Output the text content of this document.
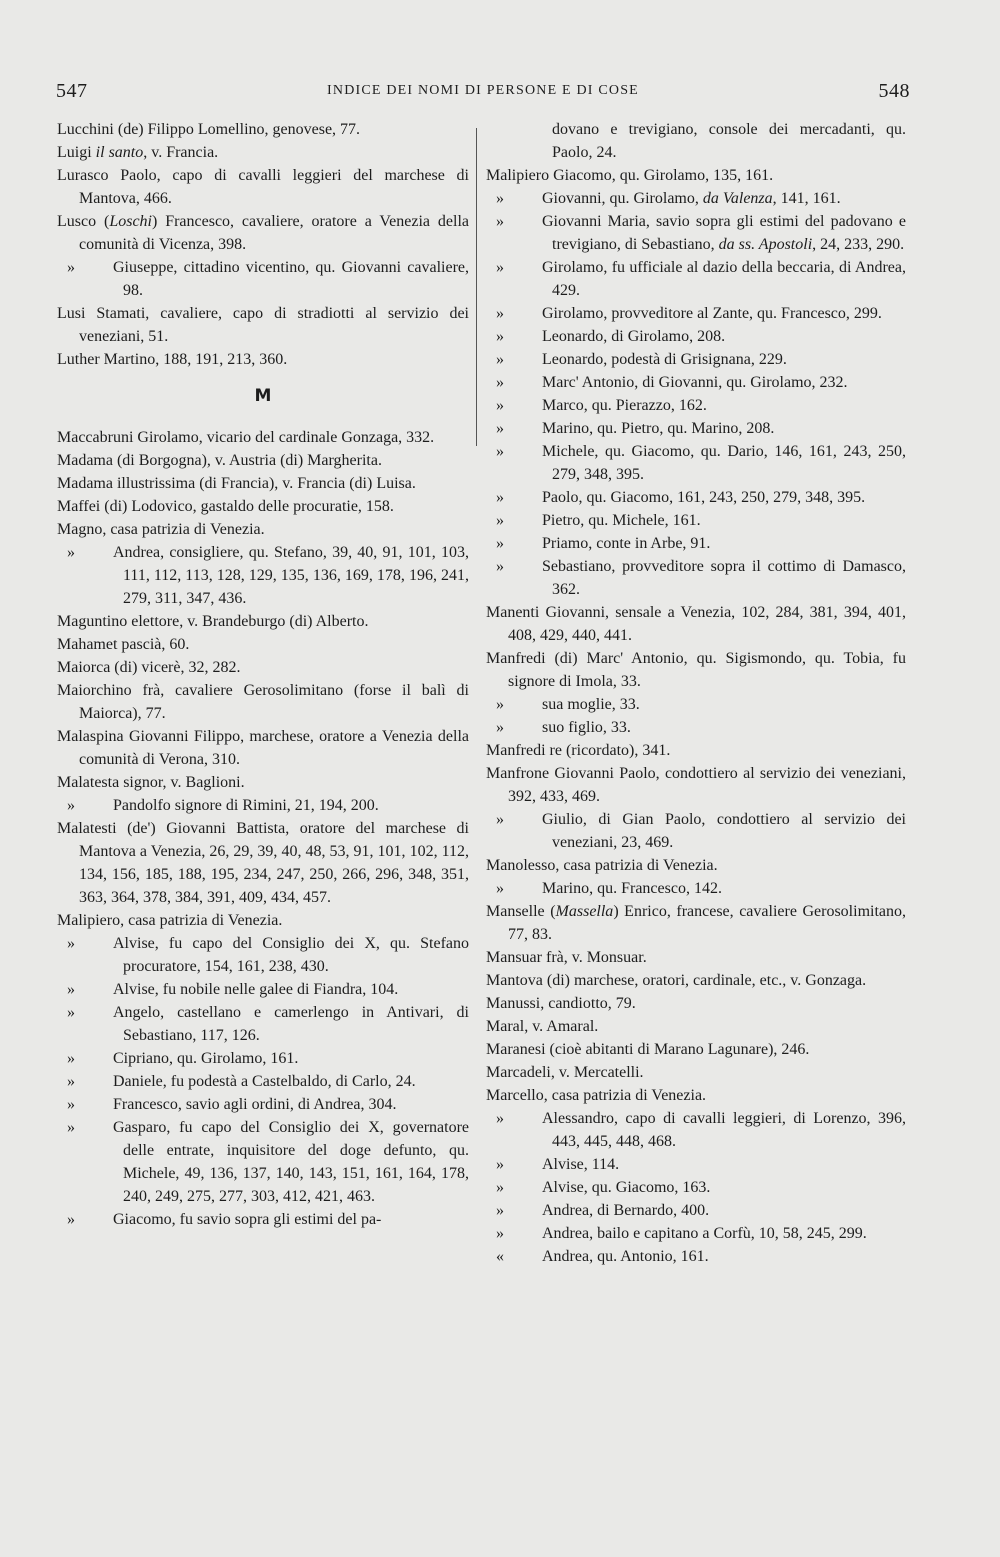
547	INDICE DEI NOMI DI PERSONE E DI COSE	548

Lucchini (de) Filippo Lomellino, genovese, 77.

Luigi il santo, v. Francia.

Lurasco Paolo, capo di cavalli leggieri del marchese di Mantova, 466.

Lusco (Loschi) Francesco, cavaliere, oratore a Venezia della comunità di Vicenza, 398.

» Giuseppe, cittadino vicentino, qu. Giovanni cavaliere, 98.

Lusi Stamati, cavaliere, capo di stradiotti al servizio dei veneziani, 51.

Luther Martino, 188, 191, 213, 360.

M

Maccabruni Girolamo, vicario del cardinale Gonzaga, 332.

Madama (di Borgogna), v. Austria (di) Margherita.

Madama illustrissima (di Francia), v. Francia (di) Luisa.

Maffei (di) Lodovico, gastaldo delle procuratie, 158.

Magno, casa patrizia di Venezia.

» Andrea, consigliere, qu. Stefano, 39, 40, 91, 101, 103, 111, 112, 113, 128, 129, 135, 136, 169, 178, 196, 241, 279, 311, 347, 436.

Maguntino elettore, v. Brandeburgo (di) Alberto.

Mahamet pascià, 60.

Maiorca (di) vicerè, 32, 282.

Maiorchino frà, cavaliere Gerosolimitano (forse il balì di Maiorca), 77.

Malaspina Giovanni Filippo, marchese, oratore a Venezia della comunità di Verona, 310.

Malatesta signor, v. Baglioni.

» Pandolfo signore di Rimini, 21, 194, 200.

Malatesti (de') Giovanni Battista, oratore del marchese di Mantova a Venezia, 26, 29, 39, 40, 48, 53, 91, 101, 102, 112, 134, 156, 185, 188, 195, 234, 247, 250, 266, 296, 348, 351, 363, 364, 378, 384, 391, 409, 434, 457.

Malipiero, casa patrizia di Venezia.

» Alvise, fu capo del Consiglio dei X, qu. Stefano procuratore, 154, 161, 238, 430.

» Alvise, fu nobile nelle galee di Fiandra, 104.

» Angelo, castellano e camerlengo in Antivari, di Sebastiano, 117, 126.

» Cipriano, qu. Girolamo, 161.

» Daniele, fu podestà a Castelbaldo, di Carlo, 24.

» Francesco, savio agli ordini, di Andrea, 304.

» Gasparo, fu capo del Consiglio dei X, governatore delle entrate, inquisitore del doge defunto, qu. Michele, 49, 136, 137, 140, 143, 151, 161, 164, 178, 240, 249, 275, 277, 303, 412, 421, 463.

» Giacomo, fu savio sopra gli estimi del pa-

dovano e trevigiano, console dei mercadanti, qu. Paolo, 24.

Malipiero Giacomo, qu. Girolamo, 135, 161.

» Giovanni, qu. Girolamo, da Valenza, 141, 161.

» Giovanni Maria, savio sopra gli estimi del padovano e trevigiano, di Sebastiano, da ss. Apostoli, 24, 233, 290.

» Girolamo, fu ufficiale al dazio della beccaria, di Andrea, 429.

» Girolamo, provveditore al Zante, qu. Francesco, 299.

» Leonardo, di Girolamo, 208.

» Leonardo, podestà di Grisignana, 229.

» Marc' Antonio, di Giovanni, qu. Girolamo, 232.

» Marco, qu. Pierazzo, 162.

» Marino, qu. Pietro, qu. Marino, 208.

» Michele, qu. Giacomo, qu. Dario, 146, 161, 243, 250, 279, 348, 395.

» Paolo, qu. Giacomo, 161, 243, 250, 279, 348, 395.

» Pietro, qu. Michele, 161.

» Priamo, conte in Arbe, 91.

» Sebastiano, provveditore sopra il cottimo di Damasco, 362.

Manenti Giovanni, sensale a Venezia, 102, 284, 381, 394, 401, 408, 429, 440, 441.

Manfredi (di) Marc' Antonio, qu. Sigismondo, qu. Tobia, fu signore di Imola, 33.

» sua moglie, 33.

» suo figlio, 33.

Manfredi re (ricordato), 341.

Manfrone Giovanni Paolo, condottiero al servizio dei veneziani, 392, 433, 469.

» Giulio, di Gian Paolo, condottiero al servizio dei veneziani, 23, 469.

Manolesso, casa patrizia di Venezia.

» Marino, qu. Francesco, 142.

Manselle (Massella) Enrico, francese, cavaliere Gerosolimitano, 77, 83.

Mansuar frà, v. Monsuar.

Mantova (di) marchese, oratori, cardinale, etc., v. Gonzaga.

Manussi, candiotto, 79.

Maral, v. Amaral.

Maranesi (cioè abitanti di Marano Lagunare), 246.

Marcadeli, v. Mercatelli.

Marcello, casa patrizia di Venezia.

» Alessandro, capo di cavalli leggieri, di Lorenzo, 396, 443, 445, 448, 468.

» Alvise, 114.

» Alvise, qu. Giacomo, 163.

» Andrea, di Bernardo, 400.

» Andrea, bailo e capitano a Corfù, 10, 58, 245, 299.

« Andrea, qu. Antonio, 161.
